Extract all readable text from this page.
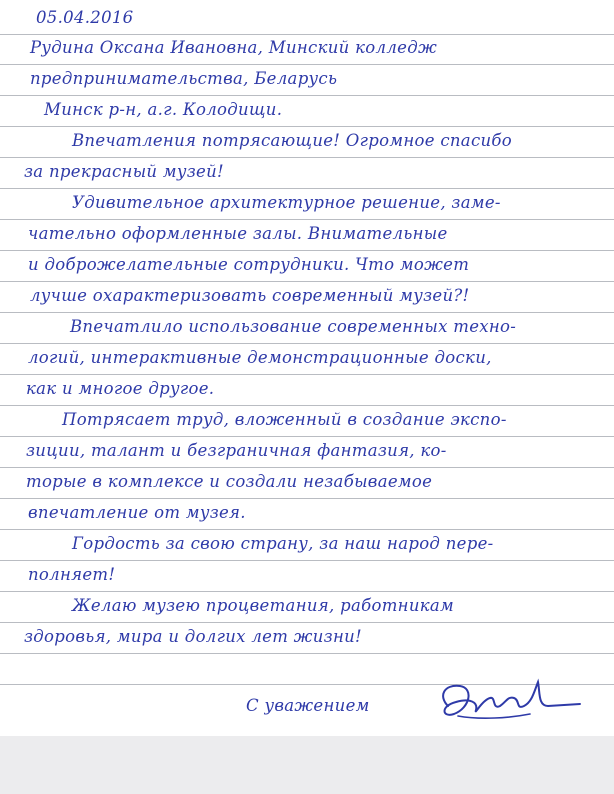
05.04.2016
Рудина Оксана Ивановна, Минский колледж
предпринимательства, Беларусь
Минск р-н, а.г. Колодищи.
Впечатления потрясающие! Огромное спасибо
за прекрасный музей!
Удивительное архитектурное решение, заме-
чательно оформленные залы. Внимательные
и доброжелательные сотрудники. Что может
лучше охарактеризовать современный музей?!
Впечатлило использование современных техно-
логий, интерактивные демонстрационные доски,
как и многое другое.
Потрясает труд, вложенный в создание экспо-
зиции, талант и безграничная фантазия, ко-
торые в комплексе и создали незабываемое
впечатление от музея.
Гордость за свою страну, за наш народ пере-
полняет!
Желаю музею процветания, работникам
здоровья, мира и долгих лет жизни!
С уважением
